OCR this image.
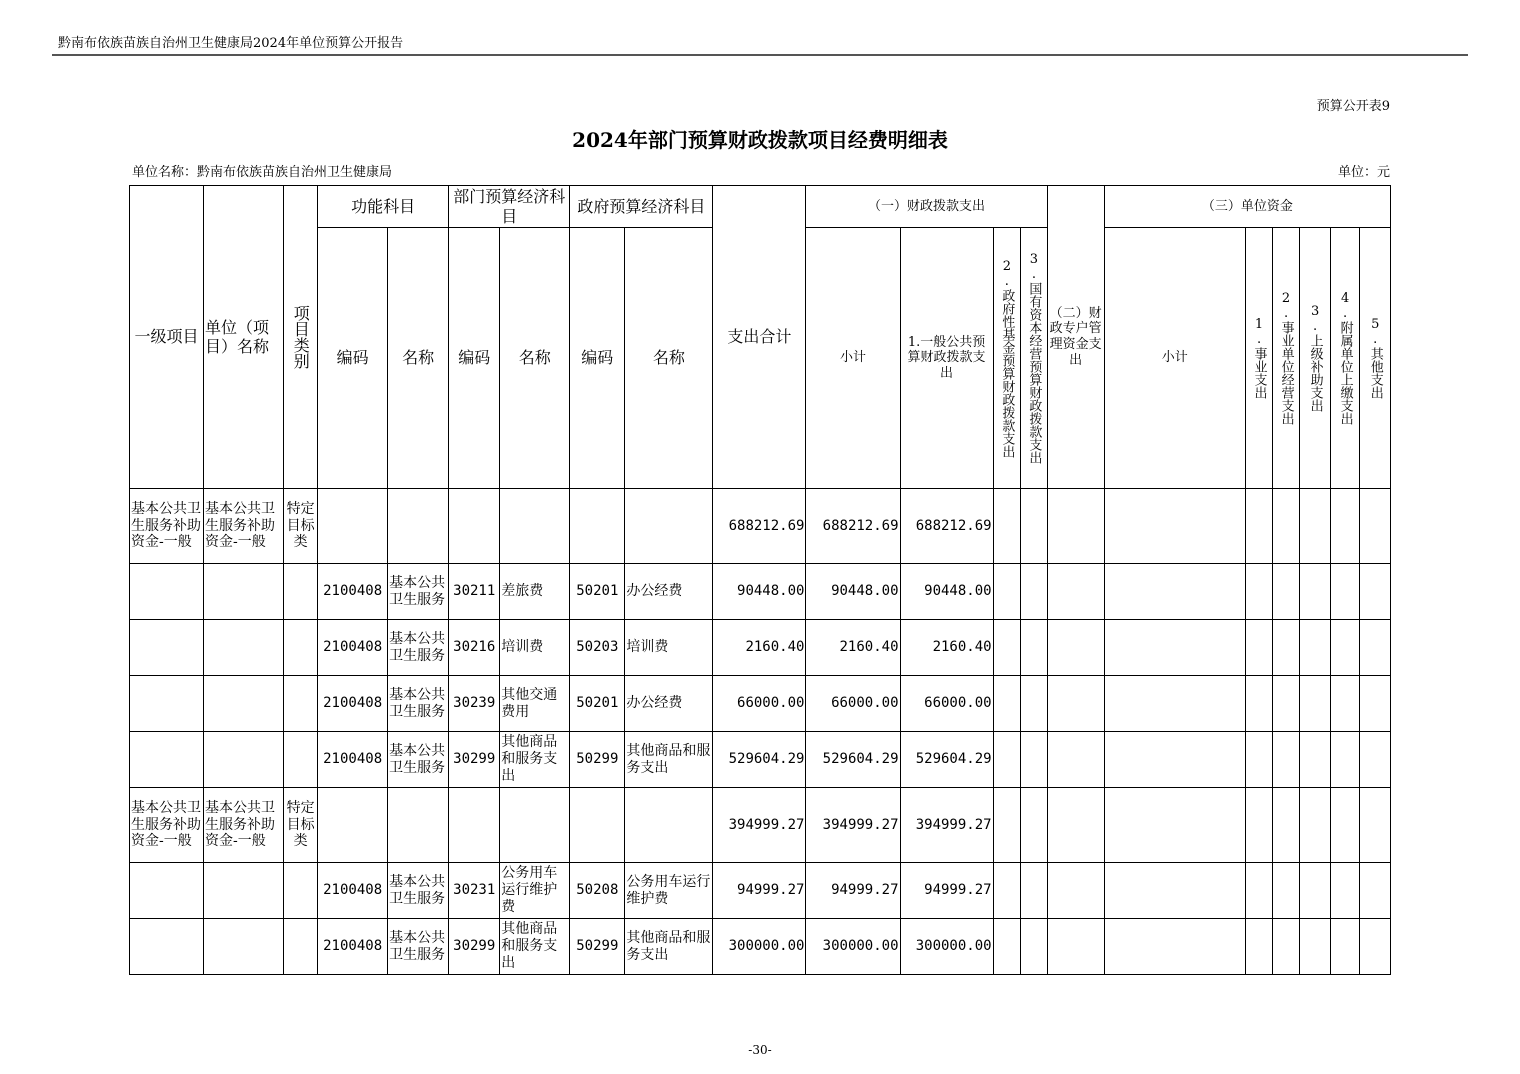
黔南布依族苗族自治州卫生健康局2024年单位预算公开报告
预算公开表9
2024年部门预算财政拨款项目经费明细表
单位名称：黔南布依族苗族自治州卫生健康局	单位：元
一级项目	单位（项目）名称	项目类别	功能科目		部门预算经济科目		政府预算经济科目		支出合计	（一）财政拨款支出				（二）财政专户管理资金支出	（三）单位资金					
			编码	名称	编码	名称	编码	名称		小计	1.一般公共预算财政拨款支出	2.政府性基金预算财政拨款支出	3.国有资本经营预算财政拨款支出		小计	1.事业支出	2.事业单位经营支出	3.上级补助支出	4.附属单位上缴支出	5.其他支出

基本公共卫生服务补助资金-一般	基本公共卫生服务补助资金-一般	特定目标类							688212.69	688212.69	688212.69									
			2100408	基本公共卫生服务	30211	差旅费	50201	办公经费	90448.00	90448.00	90448.00									
			2100408	基本公共卫生服务	30216	培训费	50203	培训费	2160.40	2160.40	2160.40									
			2100408	基本公共卫生服务	30239	其他交通费用	50201	办公经费	66000.00	66000.00	66000.00									
			2100408	基本公共卫生服务	30299	其他商品和服务支出	50299	其他商品和服务支出	529604.29	529604.29	529604.29									
基本公共卫生服务补助资金-一般	基本公共卫生服务补助资金-一般	特定目标类							394999.27	394999.27	394999.27									
			2100408	基本公共卫生服务	30231	公务用车运行维护费	50208	公务用车运行维护费	94999.27	94999.27	94999.27									
			2100408	基本公共卫生服务	30299	其他商品和服务支出	50299	其他商品和服务支出	300000.00	300000.00	300000.00									
-30-
